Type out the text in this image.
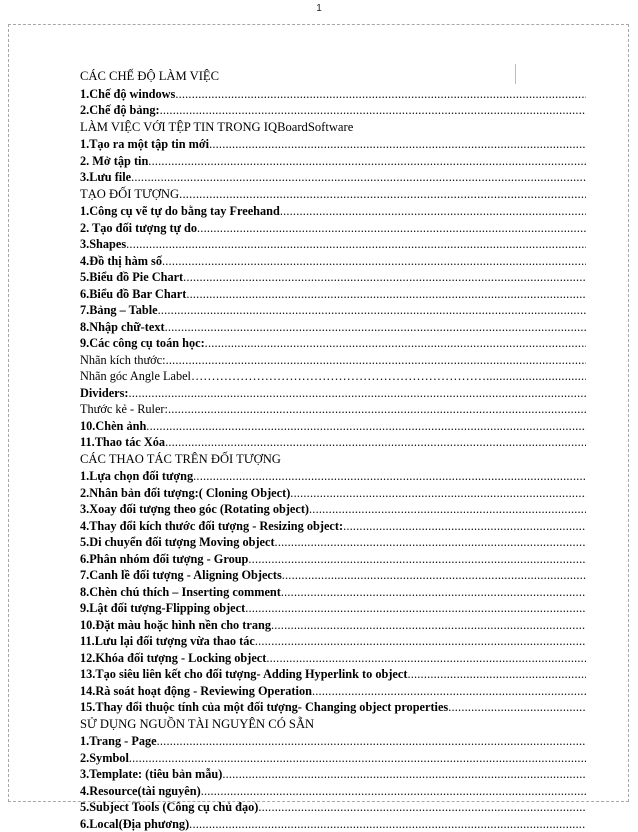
1
CÁC CHẾ ĐỘ LÀM VIỆC
1.Chế độ windows
.....
2.Chế độ bảng:
.....
LÀM VIỆC VỚI TỆP TIN TRONG IQBoardSoftware
1.Tạo ra một tập tin mới
.....
2. Mở tập tin
.....
3.Lưu file
.....
TẠO ĐỐI TƯỢNG
.....
1.Công cụ vẽ tự do bằng tay Freehand
.....
2. Tạo đối tượng tự do
.....
3.Shapes
.....
4.Đồ thị hàm số
.....
5.Biểu đồ Pie Chart
.....
6.Biểu đồ Bar Chart
.....
7.Bảng – Table
.....
8.Nhập chữ-text
.....
9.Các công cụ toán học:
.....
Nhãn kích thước:
.....
Nhãn góc Angle Label………………………………………………………………
.....
Dividers:
.....
Thước kẻ - Ruler:
.....
10.Chèn ảnh
.....
11.Thao tác Xóa
.....
CÁC THAO TÁC TRÊN ĐỐI TƯỢNG
1.Lựa chọn đối tượng
.....
2.Nhân bản đối tượng:( Cloning Object)
.....
3.Xoay đối tượng theo góc (Rotating object)
.....
4.Thay đổi kích thước đối tượng - Resizing object:
.....
5.Di chuyển đối tượng Moving object
.....
6.Phân nhóm đối tượng - Group
.....
7.Canh lề đối tượng - Aligning Objects
.....
8.Chèn chú thích – Inserting comment
.....
9.Lật đối tượng-Flipping object
.....
10.Đặt màu hoặc hình nền cho trang
.....
11.Lưu lại đối tượng vừa thao tác
.....
12.Khóa đối tượng - Locking object
.....
13.Tạo siêu liên kết cho đối tượng- Adding Hyperlink to object
.....
14.Rà soát hoạt động - Reviewing Operation
.....
15.Thay đổi thuộc tính của một đối tượng- Changing object properties
.....
SỬ DỤNG NGUỒN TÀI NGUYÊN CÓ SẴN
1.Trang - Page
.....
2.Symbol
.....
3.Template: (tiêu bản mẫu)
.....
4.Resource(tài nguyên)
.....
5.Subject Tools (Công cụ chủ đạo)
.....
6.Local(Địa phương)
.....
